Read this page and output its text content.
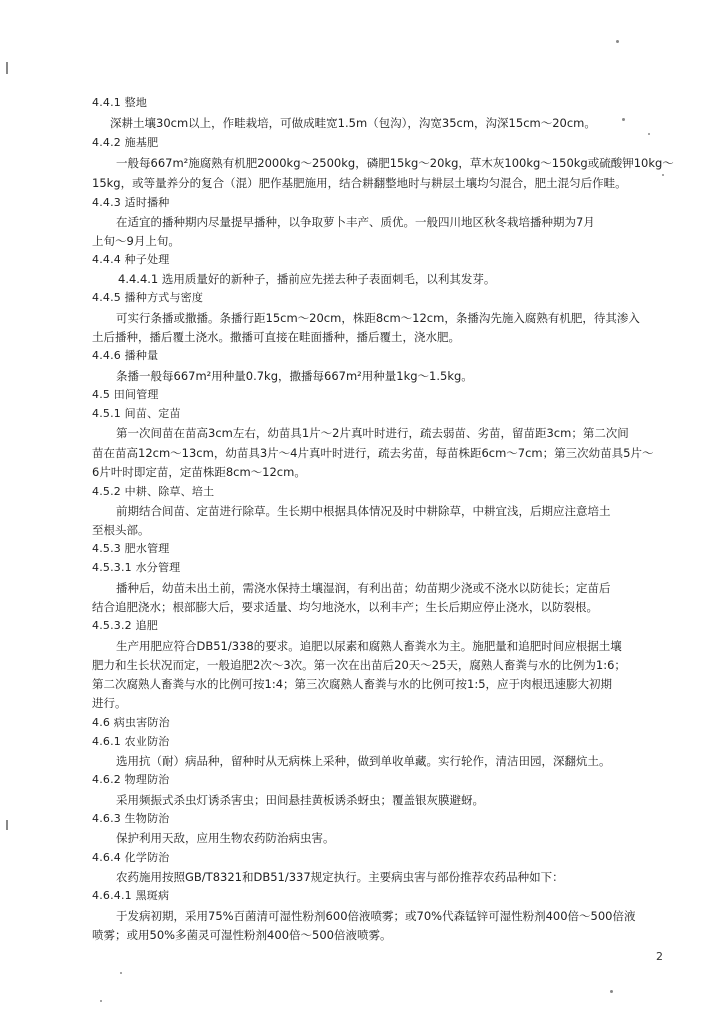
4.4.1 整地
深耕土壤30cm以上，作畦栽培，可做成畦宽1.5m（包沟），沟宽35cm，沟深15cm～20cm。
4.4.2 施基肥
一般每667m²施腐熟有机肥2000kg～2500kg，磷肥15kg～20kg，草木灰100kg～150kg或硫酸钾10kg～
15kg，或等量养分的复合（混）肥作基肥施用，结合耕翻整地时与耕层土壤均匀混合，肥土混匀后作畦。
4.4.3 适时播种
在适宜的播种期内尽量提早播种，以争取萝卜丰产、质优。一般四川地区秋冬栽培播种期为7月
上旬～9月上旬。
4.4.4 种子处理
4.4.4.1 选用质量好的新种子，播前应先搓去种子表面刺毛，以利其发芽。
4.4.5 播种方式与密度
可实行条播或撒播。条播行距15cm～20cm，株距8cm～12cm，条播沟先施入腐熟有机肥，待其渗入
土后播种，播后覆土浇水。撒播可直接在畦面播种，播后覆土，浇水肥。
4.4.6 播种量
条播一般每667m²用种量0.7kg，撒播每667m²用种量1kg～1.5kg。
4.5 田间管理
4.5.1 间苗、定苗
第一次间苗在苗高3cm左右，幼苗具1片～2片真叶时进行，疏去弱苗、劣苗，留苗距3cm；第二次间
苗在苗高12cm～13cm，幼苗具3片～4片真叶时进行，疏去劣苗，每苗株距6cm～7cm；第三次幼苗具5片～
6片叶时即定苗，定苗株距8cm～12cm。
4.5.2 中耕、除草、培土
前期结合间苗、定苗进行除草。生长期中根据具体情况及时中耕除草，中耕宜浅，后期应注意培土
至根头部。
4.5.3 肥水管理
4.5.3.1 水分管理
播种后，幼苗未出土前，需浇水保持土壤湿润，有利出苗；幼苗期少浇或不浇水以防徒长；定苗后
结合追肥浇水；根部膨大后，要求适量、均匀地浇水，以利丰产；生长后期应停止浇水，以防裂根。
4.5.3.2 追肥
生产用肥应符合DB51/338的要求。追肥以尿素和腐熟人畜粪水为主。施肥量和追肥时间应根据土壤
肥力和生长状况而定，一般追肥2次～3次。第一次在出苗后20天～25天，腐熟人畜粪与水的比例为1:6；
第二次腐熟人畜粪与水的比例可按1:4；第三次腐熟人畜粪与水的比例可按1:5，应于肉根迅速膨大初期
进行。
4.6 病虫害防治
4.6.1 农业防治
选用抗（耐）病品种，留种时从无病株上采种，做到单收单藏。实行轮作，清洁田园，深翻炕土。
4.6.2 物理防治
采用频振式杀虫灯诱杀害虫；田间悬挂黄板诱杀蚜虫；覆盖银灰膜避蚜。
4.6.3 生物防治
保护利用天敌，应用生物农药防治病虫害。
4.6.4 化学防治
农药施用按照GB/T8321和DB51/337规定执行。主要病虫害与部份推荐农药品种如下：
4.6.4.1 黑斑病
于发病初期，采用75%百菌清可湿性粉剂600倍液喷雾；或70%代森锰锌可湿性粉剂400倍～500倍液
喷雾；或用50%多菌灵可湿性粉剂400倍～500倍液喷雾。
2
